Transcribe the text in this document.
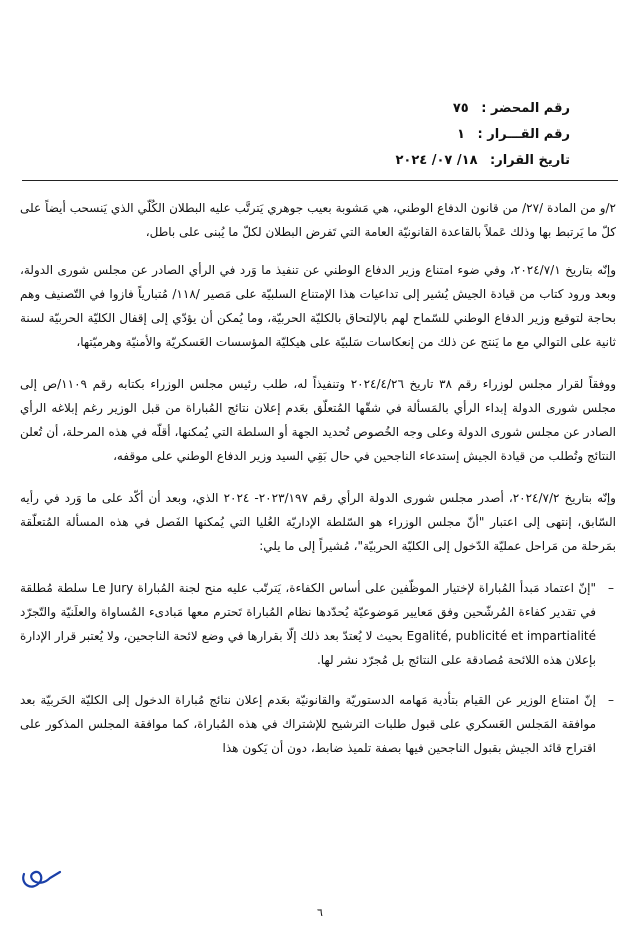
رقم المحضر : ٧٥
رقم القـــرار : ١
تاريخ القرار: ١٨/ ٠٧/ ٢٠٢٤

٢/و من المادة /٢٧/ من قانون الدفاع الوطني، هي مَشوبة بعيب جوهري يَترتَّب عليه البطلان الكُلّي الذي يَنسحب أيضاً على كلّ ما يَرتبط بها وذلك عَملاً بالقاعدة القانونيّة العامة التي تَفرض البطلان لكلّ ما يُبنى على باطل،

وإنّه بتاريخ ٢٠٢٤/٧/١، وفي ضوء امتناع وزير الدفاع الوطني عن تنفيذ ما وَرد في الرأي الصادر عن مجلس شورى الدولة، وبعد ورود كتاب من قيادة الجيش يُشير إلى تداعيات هذا الإمتناع السلبيّة على مَصير /١١٨/ مُتبارياً فازوا في التّصنيف وهم بحاجة لتوقيع وزير الدفاع الوطني للسّماح لهم بالإلتحاق بالكليّة الحربيّة، وما يُمكن أن يؤدّي إلى إقفال الكليّة الحربيّة لسنة ثانية على التوالي مع ما يَنتج عن ذلك من إنعكاسات سَلبيّة على هيكليّة المؤسسات العَسكريّة والأمنيّة وهرميّتها،

ووفقاً لقرار مجلس لوزراء رقم ٣٨ تاريخ ٢٠٢٤/٤/٢٦ وتنفيذاً له، طلب رئيس مجلس الوزراء بكتابه رقم ١١٠٩/ص إلى مجلس شورى الدولة إبداء الرأي بالمَسألة في شقّها المُتعلّق بعَدم إعلان نتائج المُباراة من قبل الوزير رغم إبلاغه الرأي الصادر عن مجلس شورى الدولة وعلى وجه الخُصوص تُحديد الجهة أو السلطة التي يُمكنها، أقلّه في هذه المرحلة، أن تُعلن النتائج وتُطلب من قيادة الجيش إستدعاء الناجحين في حال بَقِي السيد وزير الدفاع الوطني على موقفه،

وإنّه بتاريخ ٢٠٢٤/٧/٢، أصدر مجلس شورى الدولة الرأي رقم ٢٠٢٣/١٩٧- ٢٠٢٤ الذي، وبعد أن أكّد على ما وَرد في رأيه السّابق، إنتهى إلى اعتبار "أنّ مجلس الوزراء هو السّلطة الإداريّة العُليا التي يُمكنها الفَصل في هذه المسألة المُتعلّقة بمَرحلة من مَراحل عمليّة الدّخول إلى الكليّة الحربيّة"، مُشيراً إلى ما يلي:

–
"إنّ اعتماد مَبدأ المُباراة لإختيار الموظّفين على أساس الكفاءة، يَترتّب عليه منح لجنة المُباراة Le Jury سلطة مُطلقة في تقدير كفاءة المُرشّحين وفق مَعايير مَوضوعيّة يُحدّدها نظام المُباراة تَحترم معها مَبادىء المُساواة والعلَنيّة والتّجرّد Egalité, publicité et impartialité بحيث لا يُعتدّ بعد ذلك إلّا بقرارها في وضع لائحة الناجحين، ولا يُعتبر قرار الإدارة بإعلان هذه اللائحة مُصادقة على النتائج بل مُجرّد نشر لها.
–
إنّ امتناع الوزير عن القيام بتأدية مَهامه الدستوريّة والقانونيّة بعَدم إعلان نتائج مُباراة الدخول إلى الكليّة الحَربيّة بعد موافقة المَجلس العَسكري على قبول طلبات الترشيح للإشتراك في هذه المُباراة، كما موافقة المجلس المذكور على اقتراح قائد الجيش بقبول الناجحين فيها بصفة تلميذ ضابط، دون أن يَكون هذا
٦
